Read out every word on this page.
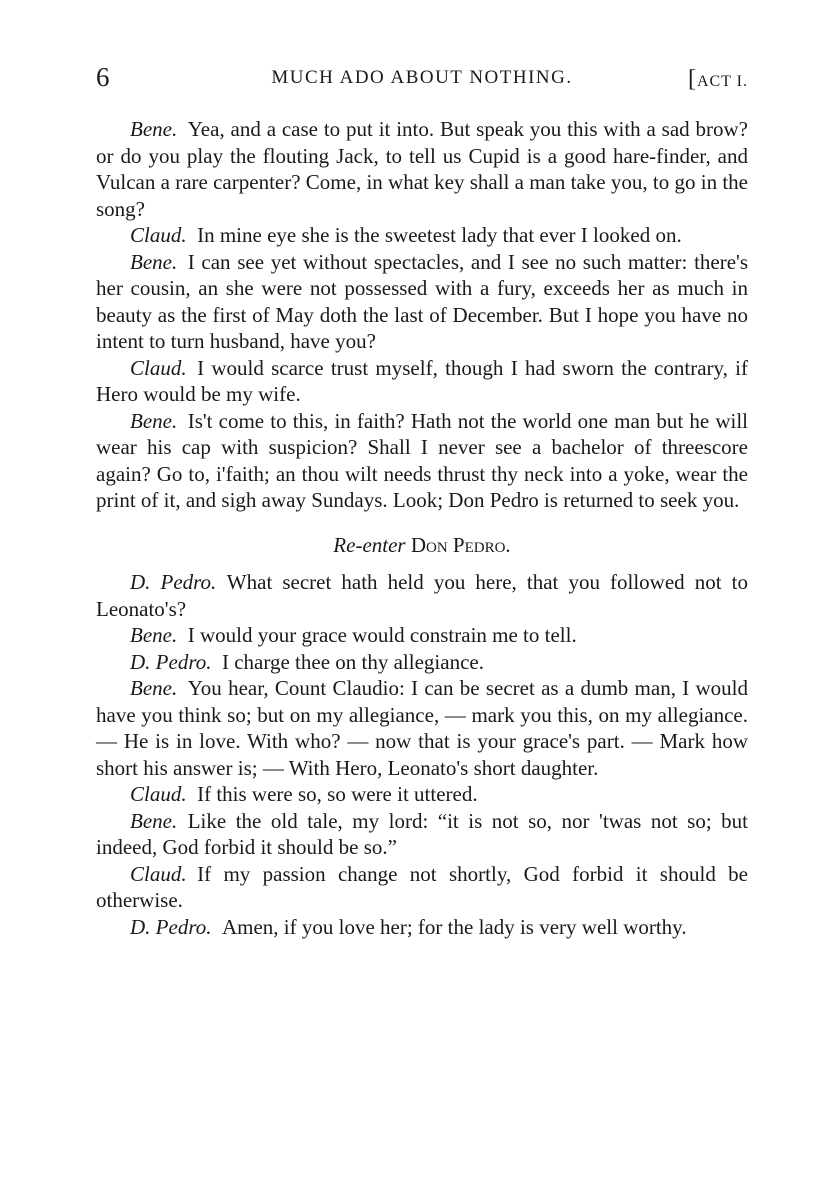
6	MUCH ADO ABOUT NOTHING.	[ACT I.

Bene.  Yea, and a case to put it into. But speak you this with a sad brow? or do you play the flouting Jack, to tell us Cupid is a good hare-finder, and Vulcan a rare carpenter? Come, in what key shall a man take you, to go in the song?

Claud.  In mine eye she is the sweetest lady that ever I looked on.

Bene.  I can see yet without spectacles, and I see no such matter: there's her cousin, an she were not possessed with a fury, exceeds her as much in beauty as the first of May doth the last of December. But I hope you have no intent to turn husband, have you?

Claud.  I would scarce trust myself, though I had sworn the contrary, if Hero would be my wife.

Bene.  Is't come to this, in faith? Hath not the world one man but he will wear his cap with suspicion? Shall I never see a bachelor of threescore again? Go to, i'faith; an thou wilt needs thrust thy neck into a yoke, wear the print of it, and sigh away Sundays. Look; Don Pedro is returned to seek you.

Re-enter Don Pedro.

D. Pedro.  What secret hath held you here, that you followed not to Leonato's?

Bene.  I would your grace would constrain me to tell.

D. Pedro.  I charge thee on thy allegiance.

Bene.  You hear, Count Claudio: I can be secret as a dumb man, I would have you think so; but on my allegiance, — mark you this, on my allegiance. — He is in love. With who? — now that is your grace's part. — Mark how short his answer is; — With Hero, Leonato's short daughter.

Claud.  If this were so, so were it uttered.

Bene.  Like the old tale, my lord: “it is not so, nor 'twas not so; but indeed, God forbid it should be so.”

Claud.  If my passion change not shortly, God forbid it should be otherwise.

D. Pedro.  Amen, if you love her; for the lady is very well worthy.
